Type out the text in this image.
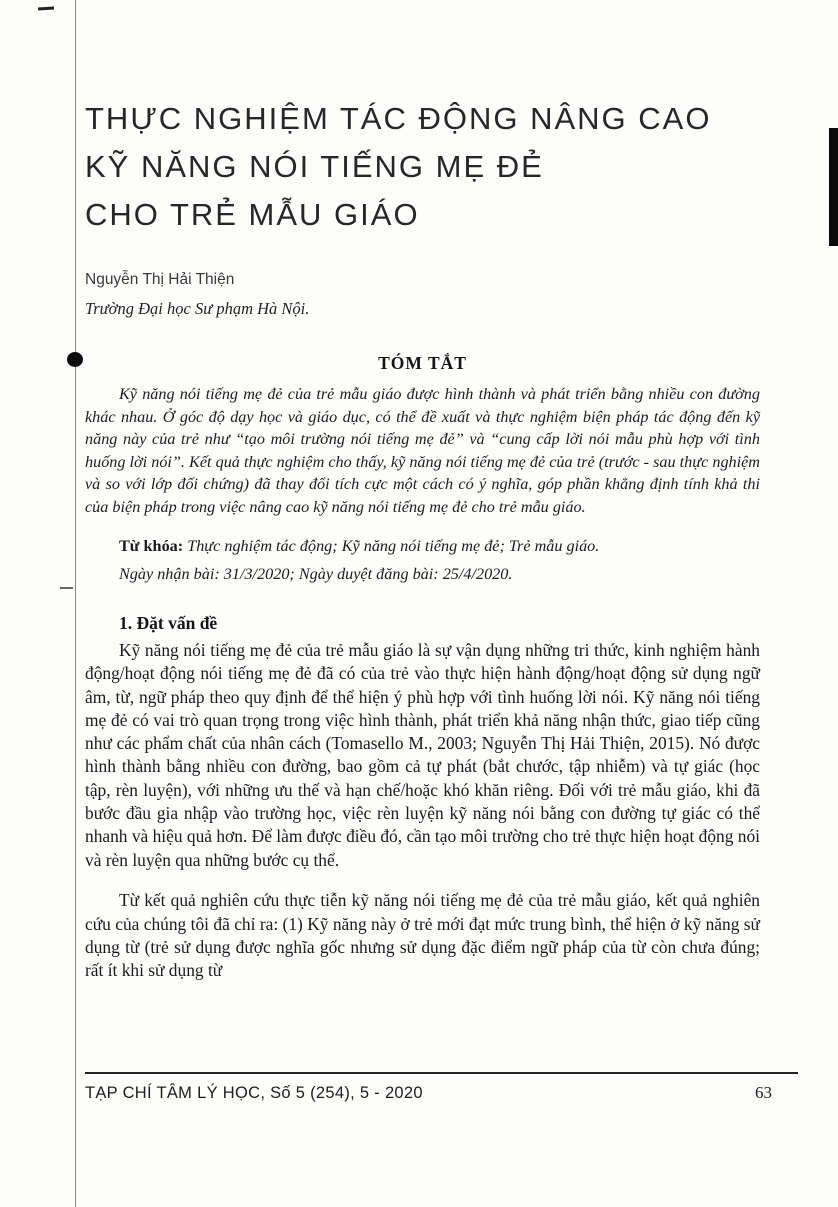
THỰC NGHIỆM TÁC ĐỘNG NÂNG CAO
KỸ NĂNG NÓI TIẾNG MẸ ĐẺ
CHO TRẺ MẪU GIÁO
Nguyễn Thị Hải Thiện
Trường Đại học Sư phạm Hà Nội.
TÓM TẮT

Kỹ năng nói tiếng mẹ đẻ của trẻ mẫu giáo được hình thành và phát triển bằng nhiều con đường khác nhau. Ở góc độ dạy học và giáo dục, có thể đề xuất và thực nghiệm biện pháp tác động đến kỹ năng này của trẻ như “tạo môi trường nói tiếng mẹ đẻ” và “cung cấp lời nói mẫu phù hợp với tình huống lời nói”. Kết quả thực nghiệm cho thấy, kỹ năng nói tiếng mẹ đẻ của trẻ (trước - sau thực nghiệm và so với lớp đối chứng) đã thay đổi tích cực một cách có ý nghĩa, góp phần khẳng định tính khả thi của biện pháp trong việc nâng cao kỹ năng nói tiếng mẹ đẻ cho trẻ mẫu giáo.

Từ khóa: Thực nghiệm tác động; Kỹ năng nói tiếng mẹ đẻ; Trẻ mẫu giáo.
Ngày nhận bài: 31/3/2020; Ngày duyệt đăng bài: 25/4/2020.
1. Đặt vấn đề

Kỹ năng nói tiếng mẹ đẻ của trẻ mẫu giáo là sự vận dụng những tri thức, kinh nghiệm hành động/hoạt động nói tiếng mẹ đẻ đã có của trẻ vào thực hiện hành động/hoạt động sử dụng ngữ âm, từ, ngữ pháp theo quy định để thể hiện ý phù hợp với tình huống lời nói. Kỹ năng nói tiếng mẹ đẻ có vai trò quan trọng trong việc hình thành, phát triển khả năng nhận thức, giao tiếp cũng như các phẩm chất của nhân cách (Tomasello M., 2003; Nguyễn Thị Hải Thiện, 2015). Nó được hình thành bằng nhiều con đường, bao gồm cả tự phát (bắt chước, tập nhiễm) và tự giác (học tập, rèn luyện), với những ưu thế và hạn chế/hoặc khó khăn riêng. Đối với trẻ mẫu giáo, khi đã bước đầu gia nhập vào trường học, việc rèn luyện kỹ năng nói bằng con đường tự giác có thể nhanh và hiệu quả hơn. Để làm được điều đó, cần tạo môi trường cho trẻ thực hiện hoạt động nói và rèn luyện qua những bước cụ thể.

Từ kết quả nghiên cứu thực tiễn kỹ năng nói tiếng mẹ đẻ của trẻ mẫu giáo, kết quả nghiên cứu của chúng tôi đã chỉ ra: (1) Kỹ năng này ở trẻ mới đạt mức trung bình, thể hiện ở kỹ năng sử dụng từ (trẻ sử dụng được nghĩa gốc nhưng sử dụng đặc điểm ngữ pháp của từ còn chưa đúng; rất ít khi sử dụng từ

TẠP CHÍ TÂM LÝ HỌC, Số 5 (254), 5 - 2020	63
